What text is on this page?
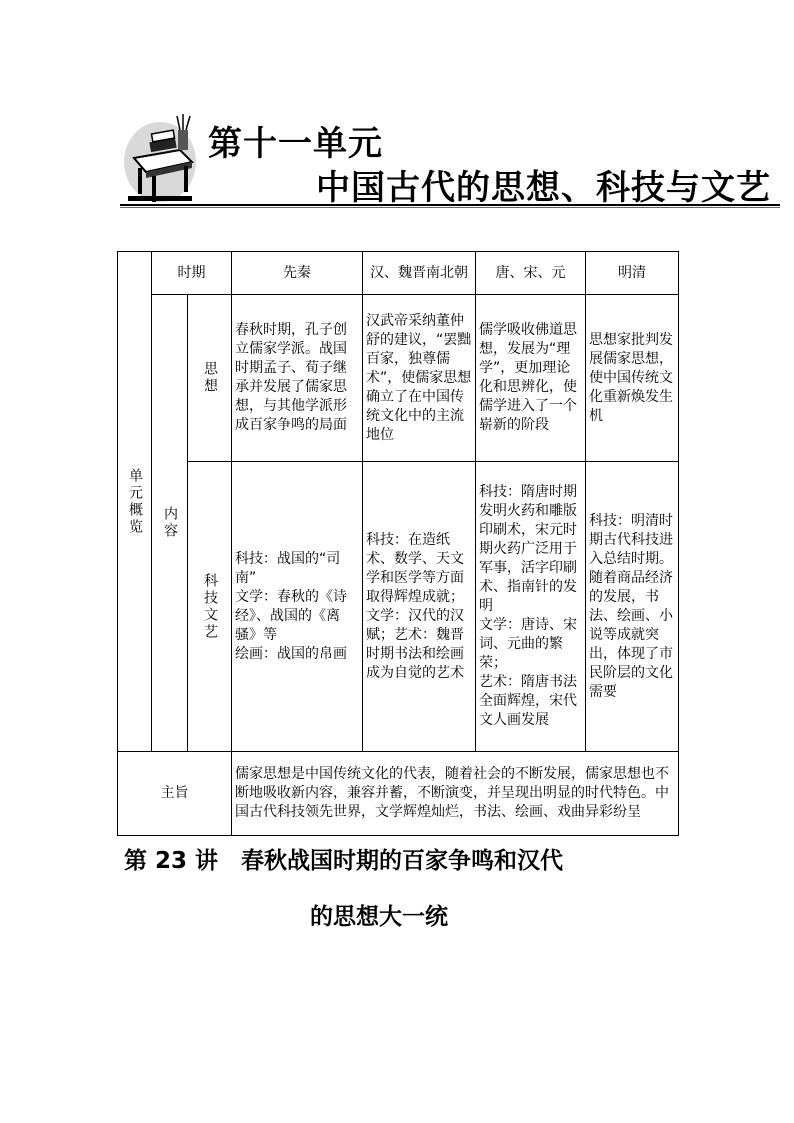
第十一单元
中国古代的思想、科技与文艺
单元概览	时期		先秦	汉、魏晋南北朝	唐、宋、元	明清

	内容	思想	春秋时期，孔子创立儒家学派。战国时期孟子、荀子继承并发展了儒家思想，与其他学派形成百家争鸣的局面	汉武帝采纳董仲舒的建议，“罢黜百家，独尊儒术”，使儒家思想确立了在中国传统文化中的主流地位	儒学吸收佛道思想，发展为“理学”，更加理论化和思辨化，使儒学进入了一个崭新的阶段	思想家批判发展儒家思想，使中国传统文化重新焕发生机

		科技文艺	科技：战国的“司南”
文学：春秋的《诗经》、战国的《离骚》等
绘画：战国的帛画	科技：在造纸术、数学、天文学和医学等方面取得辉煌成就；文学：汉代的汉赋；艺术：魏晋时期书法和绘画成为自觉的艺术	科技：隋唐时期发明火药和雕版印刷术，宋元时期火药广泛用于军事，活字印刷术、指南针的发明
文学：唐诗、宋词、元曲的繁荣；
艺术：隋唐书法全面辉煌，宋代文人画发展	科技：明清时期古代科技进入总结时期。随着商品经济的发展，书法、绘画、小说等成就突出，体现了市民阶层的文化需要
主旨			儒家思想是中国传统文化的代表，随着社会的不断发展，儒家思想也不断地吸收新内容，兼容并蓄，不断演变，并呈现出明显的时代特色。中国古代科技领先世界，文学辉煌灿烂，书法、绘画、戏曲异彩纷呈			
第 23 讲　春秋战国时期的百家争鸣和汉代
的思想大一统
